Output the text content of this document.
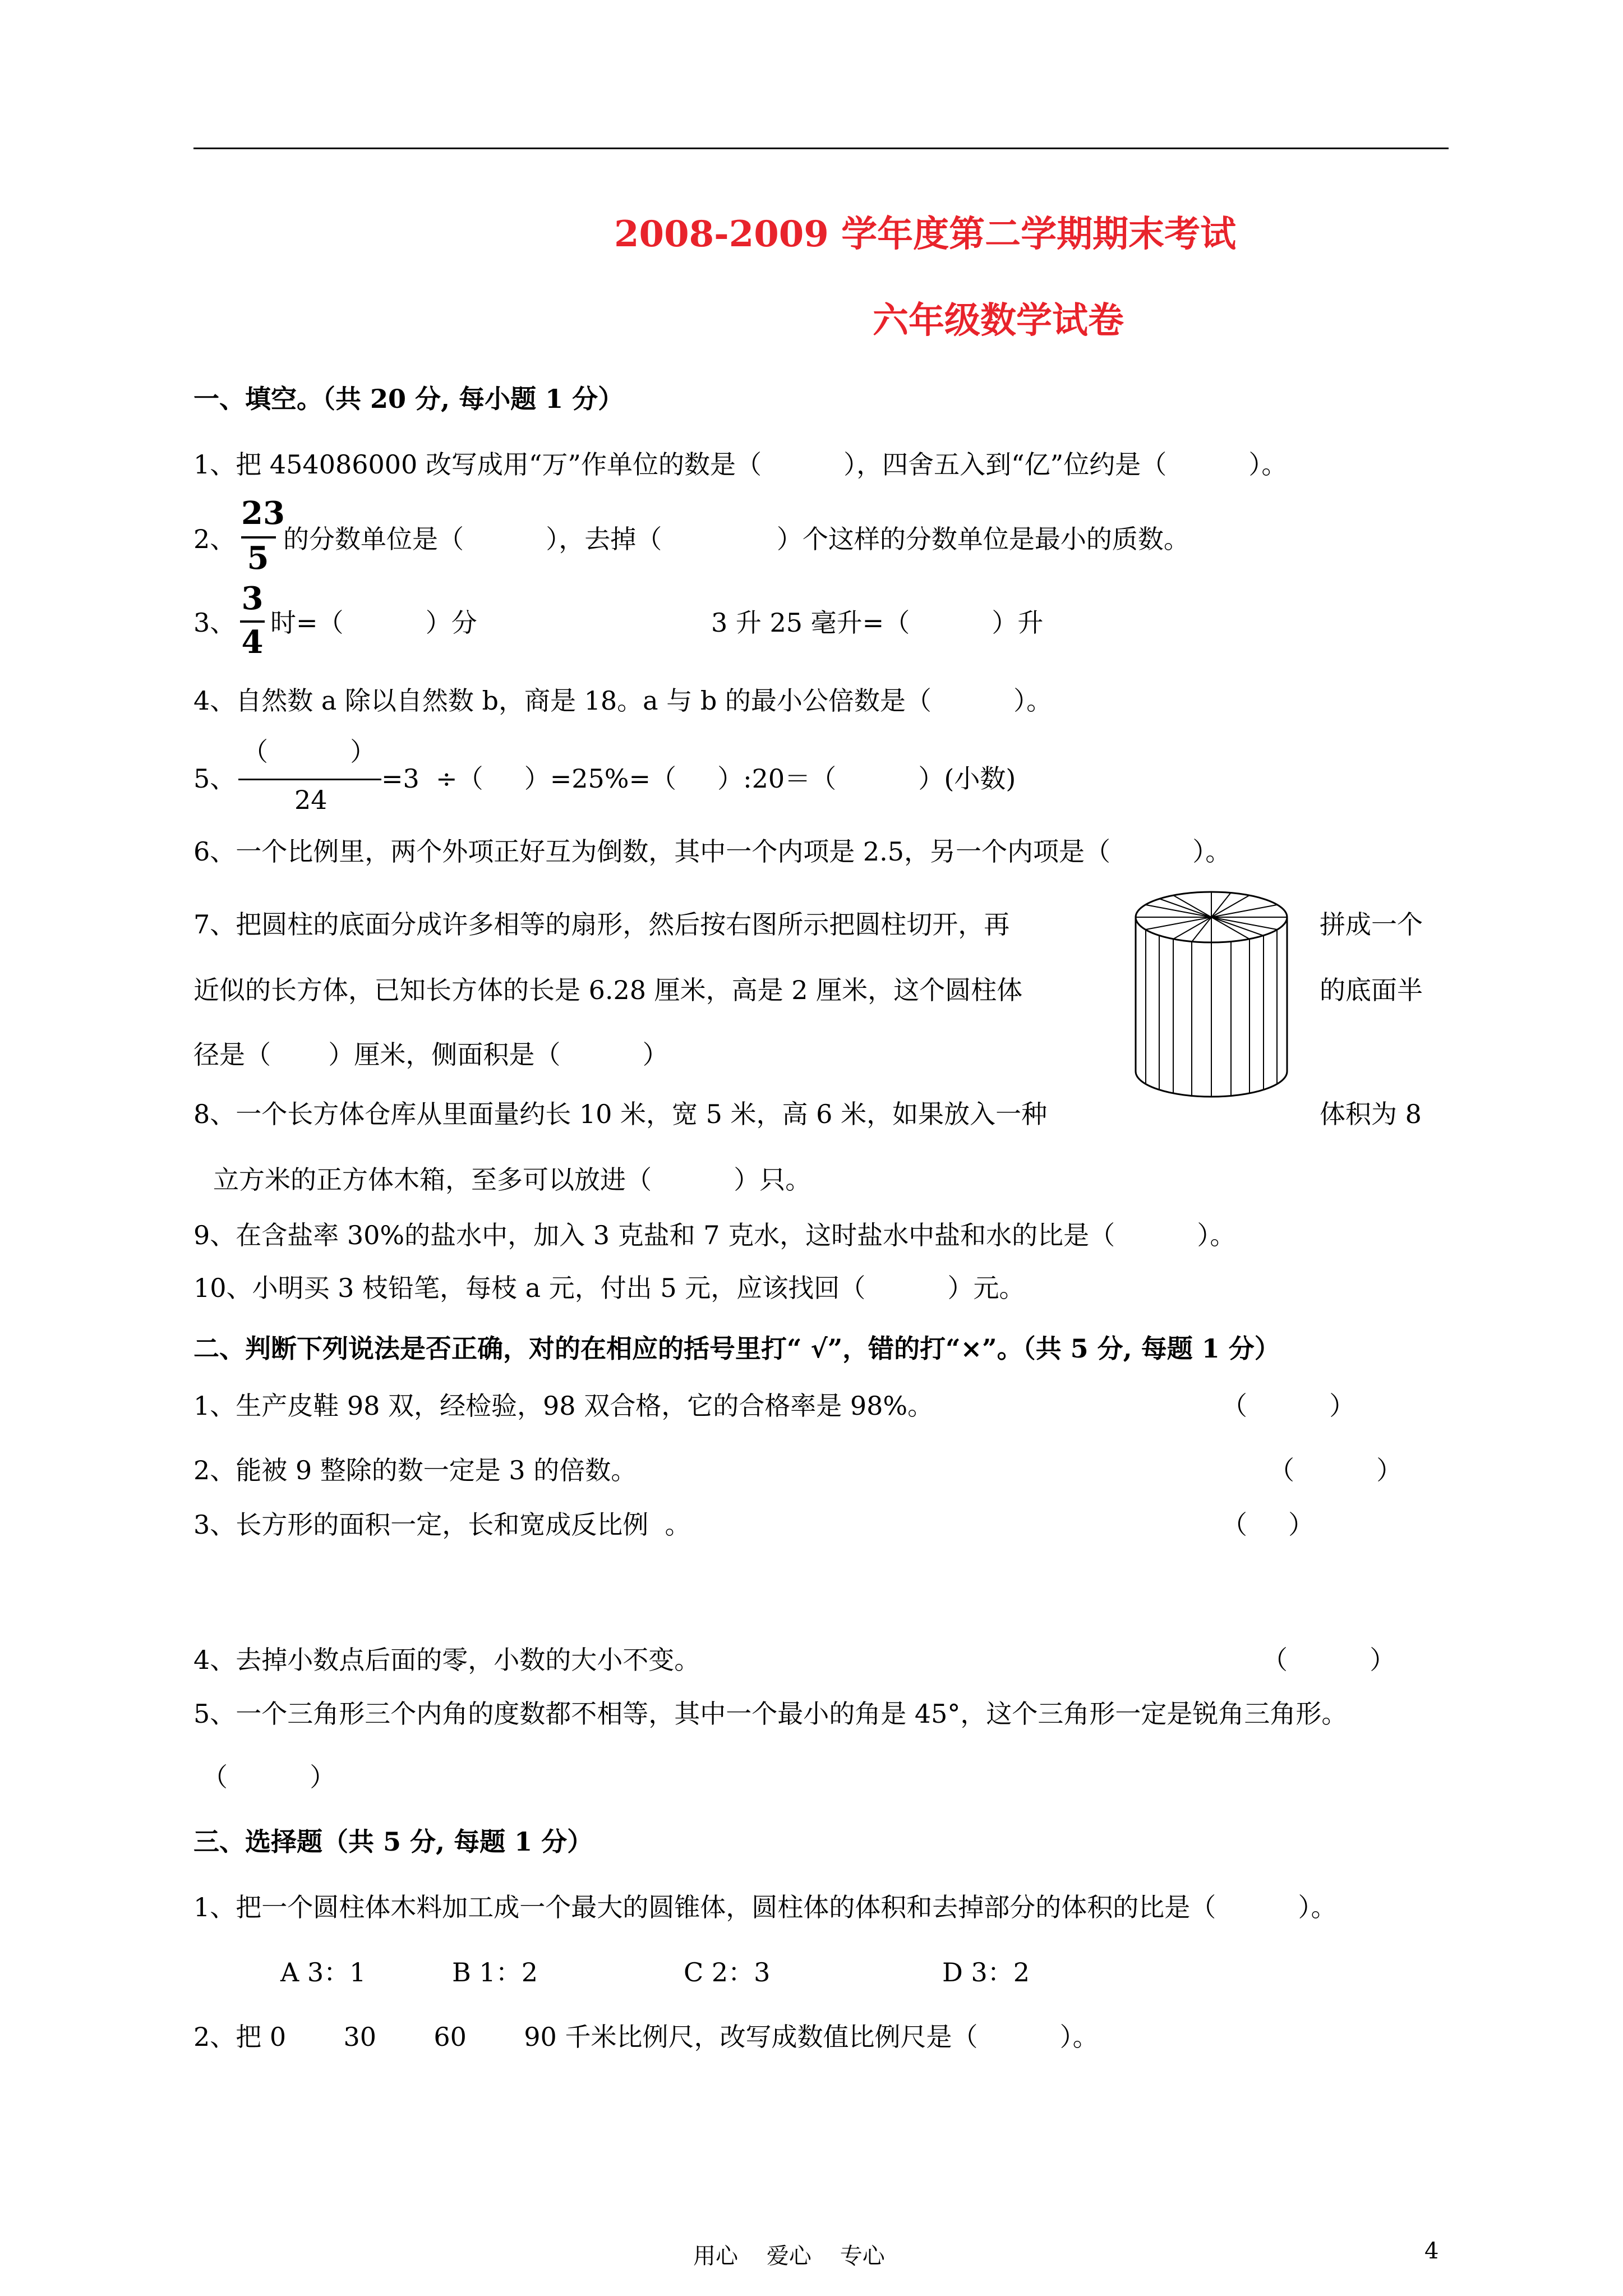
2008-2009 学年度第二学期期末考试
六年级数学试卷
一、填空。（共 20 分, 每小题 1 分）
1、把 454086000 改写成用“万”作单位的数是（          ），四舍五入到“亿”位约是（          ）。
2、
23
5
的分数单位是（          ），去掉（              ）个这样的分数单位是最小的质数。
3、
3
4
时=（          ）分	3 升 25 毫升=（          ）升
4、自然数 a 除以自然数 b，商是 18。a 与 b 的最小公倍数是（          ）。
5、
（          ）
24
=3  ÷（     ）=25%=（     ）:20＝（          ）(小数)
6、一个比例里，两个外项正好互为倒数，其中一个内项是 2.5，另一个内项是（          ）。
7、把圆柱的底面分成许多相等的扇形，然后按右图所示把圆柱切开，再	拼成一个
近似的长方体，已知长方体的长是 6.28 厘米，高是 2 厘米，这个圆柱体	的底面半
径是（       ）厘米，侧面积是（          ）
8、一个长方体仓库从里面量约长 10 米，宽 5 米，高 6 米，如果放入一种	体积为 8
立方米的正方体木箱，至多可以放进（          ）只。
9、在含盐率 30%的盐水中，加入 3 克盐和 7 克水，这时盐水中盐和水的比是（          ）。
10、小明买 3 枝铅笔，每枝 a 元，付出 5 元，应该找回（          ）元。
二、判断下列说法是否正确，对的在相应的括号里打“ √”，错的打“×”。（共 5 分, 每题 1 分）
1、生产皮鞋 98 双，经检验，98 双合格，它的合格率是 98%。	（          ）
2、能被 9 整除的数一定是 3 的倍数。	（          ）
3、长方形的面积一定，长和宽成反比例  。	（     ）
4、去掉小数点后面的零，小数的大小不变。	（          ）
5、一个三角形三个内角的度数都不相等，其中一个最小的角是 45°，这个三角形一定是锐角三角形。
（          ）
三、选择题（共 5 分, 每题 1 分）
1、把一个圆柱体木料加工成一个最大的圆锥体，圆柱体的体积和去掉部分的体积的比是（          ）。
A 3：1	B 1：2	C 2：3	D 3：2
2、把 0       30       60       90 千米比例尺，改写成数值比例尺是（          ）。
用心    爱心    专心	4
